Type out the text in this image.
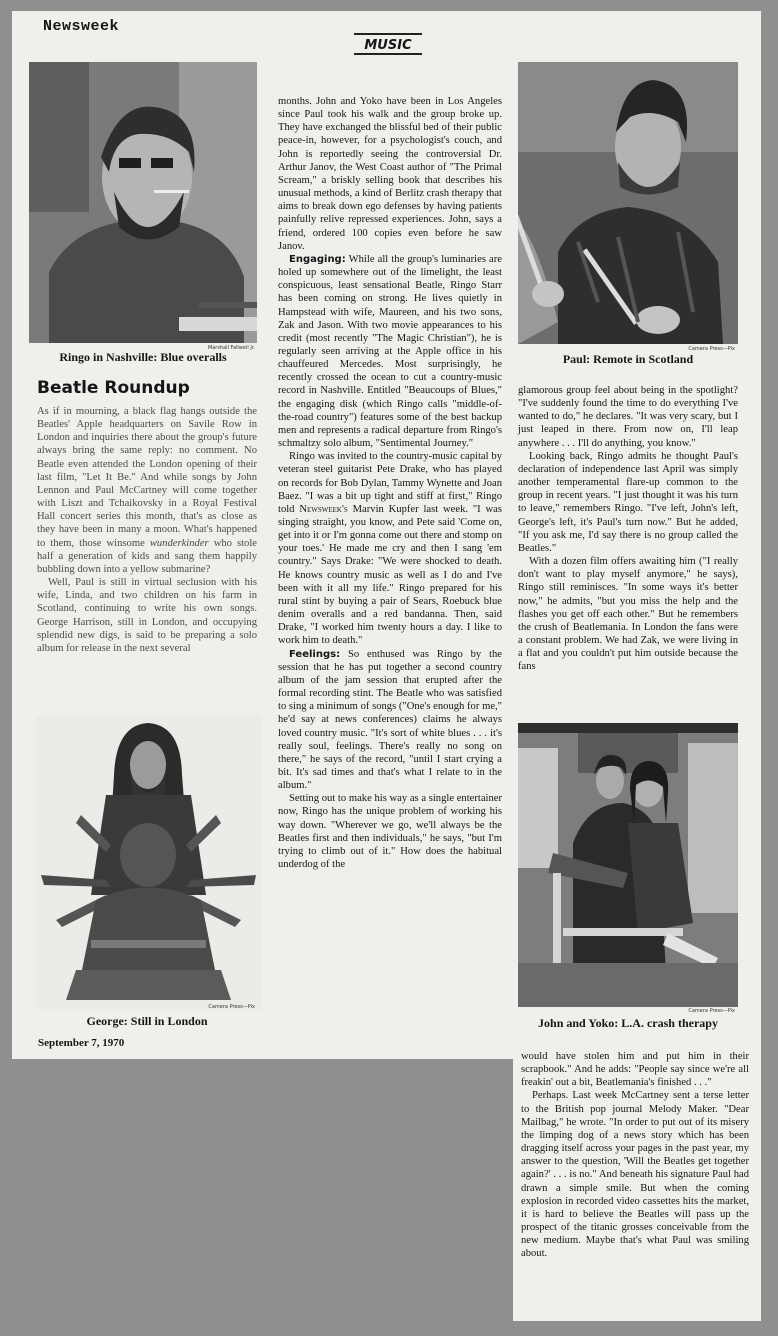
Newsweek
MUSIC
Marshall Fallwell Jr.

Ringo in Nashville: Blue overalls

Beatle Roundup

As if in mourning, a black flag hangs outside the Beatles' Apple headquarters on Savile Row in London and inquiries there about the group's future always bring the same reply: no comment. No Beatle even attended the London opening of their last film, "Let It Be." And while songs by John Lennon and Paul McCartney will come together with Liszt and Tchaikovsky in a Royal Festival Hall concert series this month, that's as close as they have been in many a moon. What's happened to them, those winsome wunderkinder who stole half a generation of kids and sang them happily bubbling down into a yellow submarine?

Well, Paul is still in virtual seclusion with his wife, Linda, and two children on his farm in Scotland, continuing to write his own songs. George Harrison, still in London, and occupying splendid new digs, is said to be preparing a solo album for release in the next several

Camera Press—Pix

George: Still in London

September 7, 1970

months. John and Yoko have been in Los Angeles since Paul took his walk and the group broke up. They have exchanged the blissful bed of their public peace-in, however, for a psychologist's couch, and John is reportedly seeing the controversial Dr. Arthur Janov, the West Coast author of "The Primal Scream," a briskly selling book that describes his unusual methods, a kind of Berlitz crash therapy that aims to break down ego defenses by having patients painfully relive repressed experiences. John, says a friend, ordered 100 copies even before he saw Janov.

Engaging: While all the group's luminaries are holed up somewhere out of the limelight, the least conspicuous, least sensational Beatle, Ringo Starr has been coming on strong. He lives quietly in Hampstead with wife, Maureen, and his two sons, Zak and Jason. With two movie appearances to his credit (most recently "The Magic Christian"), he is regularly seen arriving at the Apple office in his chauffeured Mercedes. Most surprisingly, he recently crossed the ocean to cut a country-music record in Nashville. Entitled "Beaucoups of Blues," the engaging disk (which Ringo calls "middle-of-the-road country") features some of the best backup men and represents a radical departure from Ringo's schmaltzy solo album, "Sentimental Journey."

Ringo was invited to the country-music capital by veteran steel guitarist Pete Drake, who has played on records for Bob Dylan, Tammy Wynette and Joan Baez. "I was a bit up tight and stiff at first," Ringo told Newsweek's Marvin Kupfer last week. "I was singing straight, you know, and Pete said 'Come on, get into it or I'm gonna come out there and stomp on your toes.' He made me cry and then I sang 'em country." Says Drake: "We were shocked to death. He knows country music as well as I do and I've been with it all my life." Ringo prepared for his rural stint by buying a pair of Sears, Roebuck blue denim overalls and a red bandanna. Then, said Drake, "I worked him twenty hours a day. I like to work him to death."

Feelings: So enthused was Ringo by the session that he has put together a second country album of the jam session that erupted after the formal recording stint. The Beatle who was satisfied to sing a minimum of songs ("One's enough for me," he'd say at news conferences) claims he always loved country music. "It's sort of white blues . . . it's really soul, feelings. There's really no song on there," he says of the record, "until I start crying a bit. It's sad times and that's what I relate to in the album."

Setting out to make his way as a single entertainer now, Ringo has the unique problem of working his way down. "Wherever we go, we'll always be the Beatles first and then individuals," he says, "but I'm trying to climb out of it." How does the habitual underdog of the

Camera Press—Pix

Paul: Remote in Scotland

glamorous group feel about being in the spotlight? "I've suddenly found the time to do everything I've wanted to do," he declares. "It was very scary, but I just leaped in there. From now on, I'll leap anywhere . . . I'll do anything, you know."

Looking back, Ringo admits he thought Paul's declaration of independence last April was simply another temperamental flare-up common to the group in recent years. "I just thought it was his turn to leave," remembers Ringo. "I've left, John's left, George's left, it's Paul's turn now." But he added, "If you ask me, I'd say there is no group called the Beatles."

With a dozen film offers awaiting him ("I really don't want to play myself anymore," he says), Ringo still reminisces. "In some ways it's better now," he admits, "but you miss the help and the flashes you get off each other." But he remembers the crush of Beatlemania. In London the fans were a constant problem. We had Zak, we were living in a flat and you couldn't put him outside because the fans

Camera Press—Pix

John and Yoko: L.A. crash therapy

would have stolen him and put him in their scrapbook." And he adds: "People say since we're all freakin' out a bit, Beatlemania's finished . . ."

Perhaps. Last week McCartney sent a terse letter to the British pop journal Melody Maker. "Dear Mailbag," he wrote. "In order to put out of its misery the limping dog of a news story which has been dragging itself across your pages in the past year, my answer to the question, 'Will the Beatles get together again?' . . . is no." And beneath his signature Paul had drawn a simple smile. But when the coming explosion in recorded video cassettes hits the market, it is hard to believe the Beatles will pass up the prospect of the titanic grosses conceivable from the new medium. Maybe that's what Paul was smiling about.
